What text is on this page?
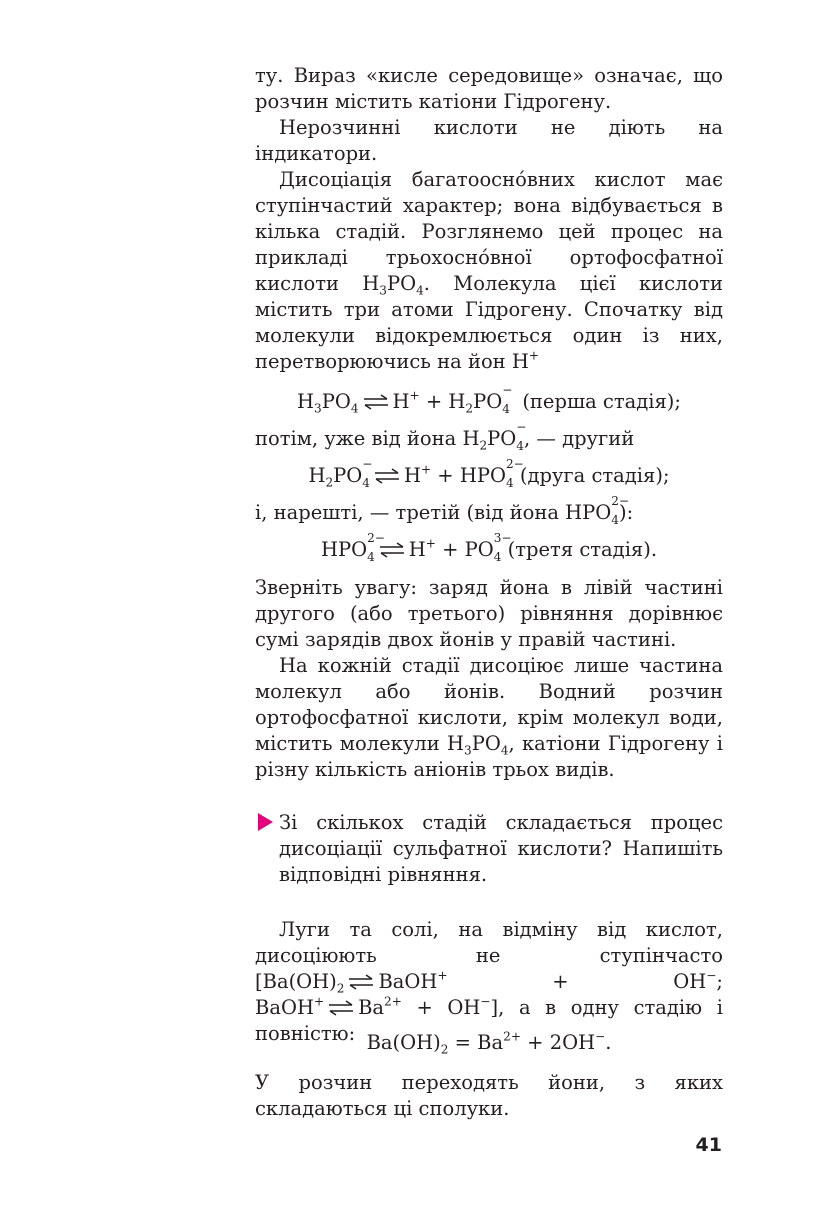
ту. Вираз «кисле середовище» означає, що розчин містить катіони Гідрогену.

Нерозчинні кислоти не діють на індикатори.

Дисоціація багатоосно́вних кислот має ступінчастий характер; вона відбувається в кілька стадій. Розглянемо цей процес на прикладі трьохосно́вної ортофосфатної кислоти $H_3PO_4$. Молекула цієї кислоти містить три атоми Гідрогену. Спочатку від молекули відокремлюється один із них, перетворюючись на йон H+

$H_3PO_4$ $H^+ + H_2PO$ −
4 (перша стадія);

потім, уже від йона $H_2PO$ −
4, — другий

$H_2PO$ −
4 H+ + HPO 2−
4 (друга стадія);

і, нарешті, — третій (від йона HPO 2−
4):

HPO 2−
4 H+ + PO 3−
4 (третя стадія).

Зверніть увагу: заряд йона в лівій частині другого (або третього) рівняння дорівнює сумі зарядів двох йонів у правій частині.

На кожній стадії дисоціює лише частина молекул або йонів. Водний розчин ортофосфатної кислоти, крім молекул води, містить молекули $H_3PO_4$, катіони Гідрогену і різну кількість аніонів трьох видів.

Зі скількох стадій складається процес дисоціації сульфатної кислоти? Напишіть відповідні рівняння.

Луги та солі, на відміну від кислот, дисоціюють не ступінчасто [$Ba(OH)_2$ BaOH+ + OH−; BaOH+ $Ba^{2+} + OH^-$], а в одну стадію і повністю: $Ba(OH)_2 = Ba^{2+} + 2OH^-$.

У розчин переходять йони, з яких складаються ці сполуки.

41
